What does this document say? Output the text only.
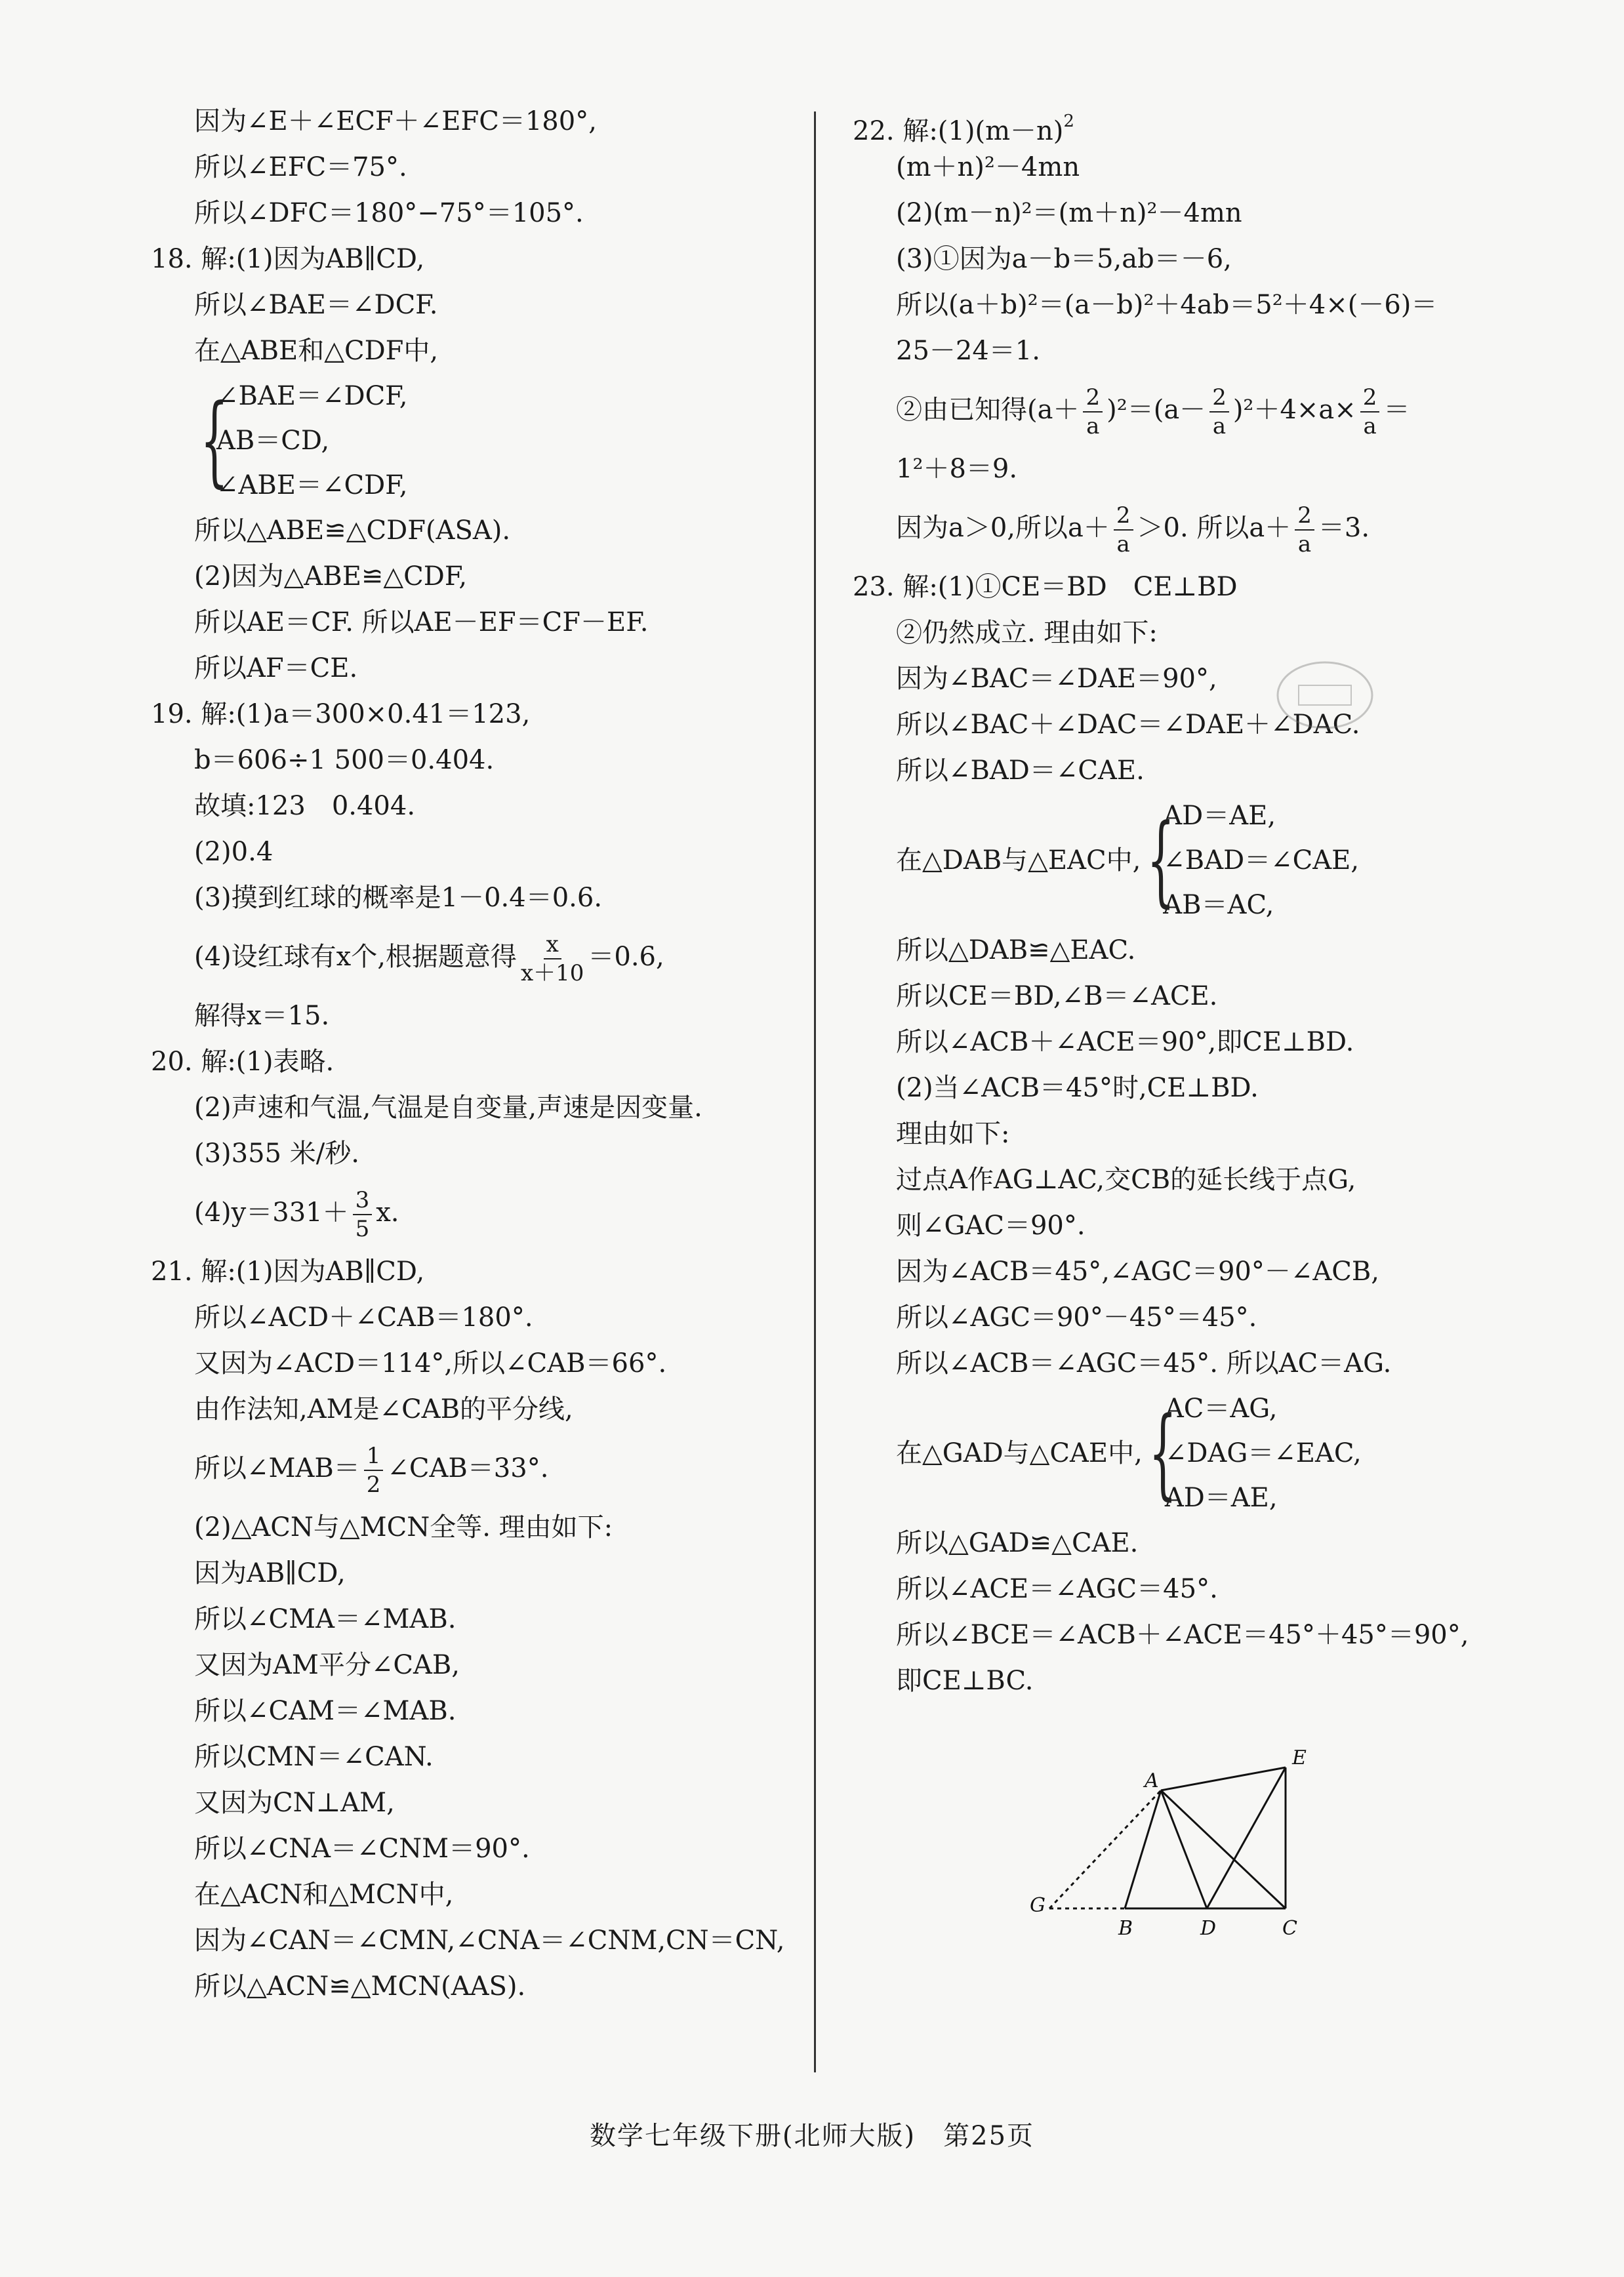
因为∠E＋∠ECF＋∠EFC＝180°,
所以∠EFC＝75°.
所以∠DFC＝180°−75°＝105°.
18. 解:(1)因为AB∥CD,
所以∠BAE＝∠DCF.
在△ABE和△CDF中,
{
∠BAE＝∠DCF,
AB＝CD,
∠ABE＝∠CDF,
所以△ABE≌△CDF(ASA).
(2)因为△ABE≌△CDF,
所以AE＝CF. 所以AE－EF＝CF－EF.
所以AF＝CE.
19. 解:(1)a＝300×0.41＝123,
b＝606÷1 500＝0.404.
故填:123　0.404.
(2)0.4
(3)摸到红球的概率是1－0.4＝0.6.
(4)设红球有x个,根据题意得 $\frac{x}{x+10} =0.6$,
解得x＝15.
20. 解:(1)表略.
(2)声速和气温,气温是自变量,声速是因变量.
(3)355 米/秒.
$(4)y=331+ \frac{3}{5} x$.
21. 解:(1)因为AB∥CD,
所以∠ACD＋∠CAB＝180°.
又因为∠ACD＝114°,所以∠CAB＝66°.
由作法知,AM是∠CAB的平分线,
所以∠MAB＝ $\frac{1}{2}$ ∠CAB＝33°.
(2)△ACN与△MCN全等. 理由如下:
因为AB∥CD,
所以∠CMA＝∠MAB.
又因为AM平分∠CAB,
所以∠CAM＝∠MAB.
所以CMN＝∠CAN.
又因为CN⊥AM,
所以∠CNA＝∠CNM＝90°.
在△ACN和△MCN中,
因为∠CAN＝∠CMN,∠CNA＝∠CNM,CN＝CN,
所以△ACN≌△MCN(AAS).
22. 解$:(1)(m-n)^2$
(m＋n)²－4mn
(2)(m－n)²＝(m＋n)²－4mn
(3)①因为a－b＝5,ab＝－6,
所以(a＋b)²＝(a－b)²＋4ab＝5²＋4×(－6)＝
25－24＝1.
②由已知得$(a+ \frac{2}{a} )^2=(a- \frac{2}{a} )^2+4\times a\times \frac{2}{a}$ ＝
1²＋8＝9.
因为a＞0,所以$a+ \frac{2}{a} >0$. 所以$a+ \frac{2}{a} =3$.
23. 解:(1)①CE＝BD　CE⊥BD
②仍然成立. 理由如下:
因为∠BAC＝∠DAE＝90°,
所以∠BAC＋∠DAC＝∠DAE＋∠DAC.
所以∠BAD＝∠CAE.
在△DAB与△EAC中, {
AD＝AE,
∠BAD＝∠CAE,
AB＝AC,
所以△DAB≌△EAC.
所以CE＝BD,∠B＝∠ACE.
所以∠ACB＋∠ACE＝90°,即CE⊥BD.
(2)当∠ACB＝45°时,CE⊥BD.
理由如下:
过点A作AG⊥AC,交CB的延长线于点G,
则∠GAC＝90°.
因为∠ACB＝45°,∠AGC＝90°－∠ACB,
所以∠AGC＝90°－45°＝45°.
所以∠ACB＝∠AGC＝45°. 所以AC＝AG.
在△GAD与△CAE中, {
AC＝AG,
∠DAG＝∠EAC,
AD＝AE,
所以△GAD≌△CAE.
所以∠ACE＝∠AGC＝45°.
所以∠BCE＝∠ACB＋∠ACE＝45°＋45°＝90°,
即CE⊥BC.
A
E
G
B	D	C
数学七年级下册(北师大版)　第25页
